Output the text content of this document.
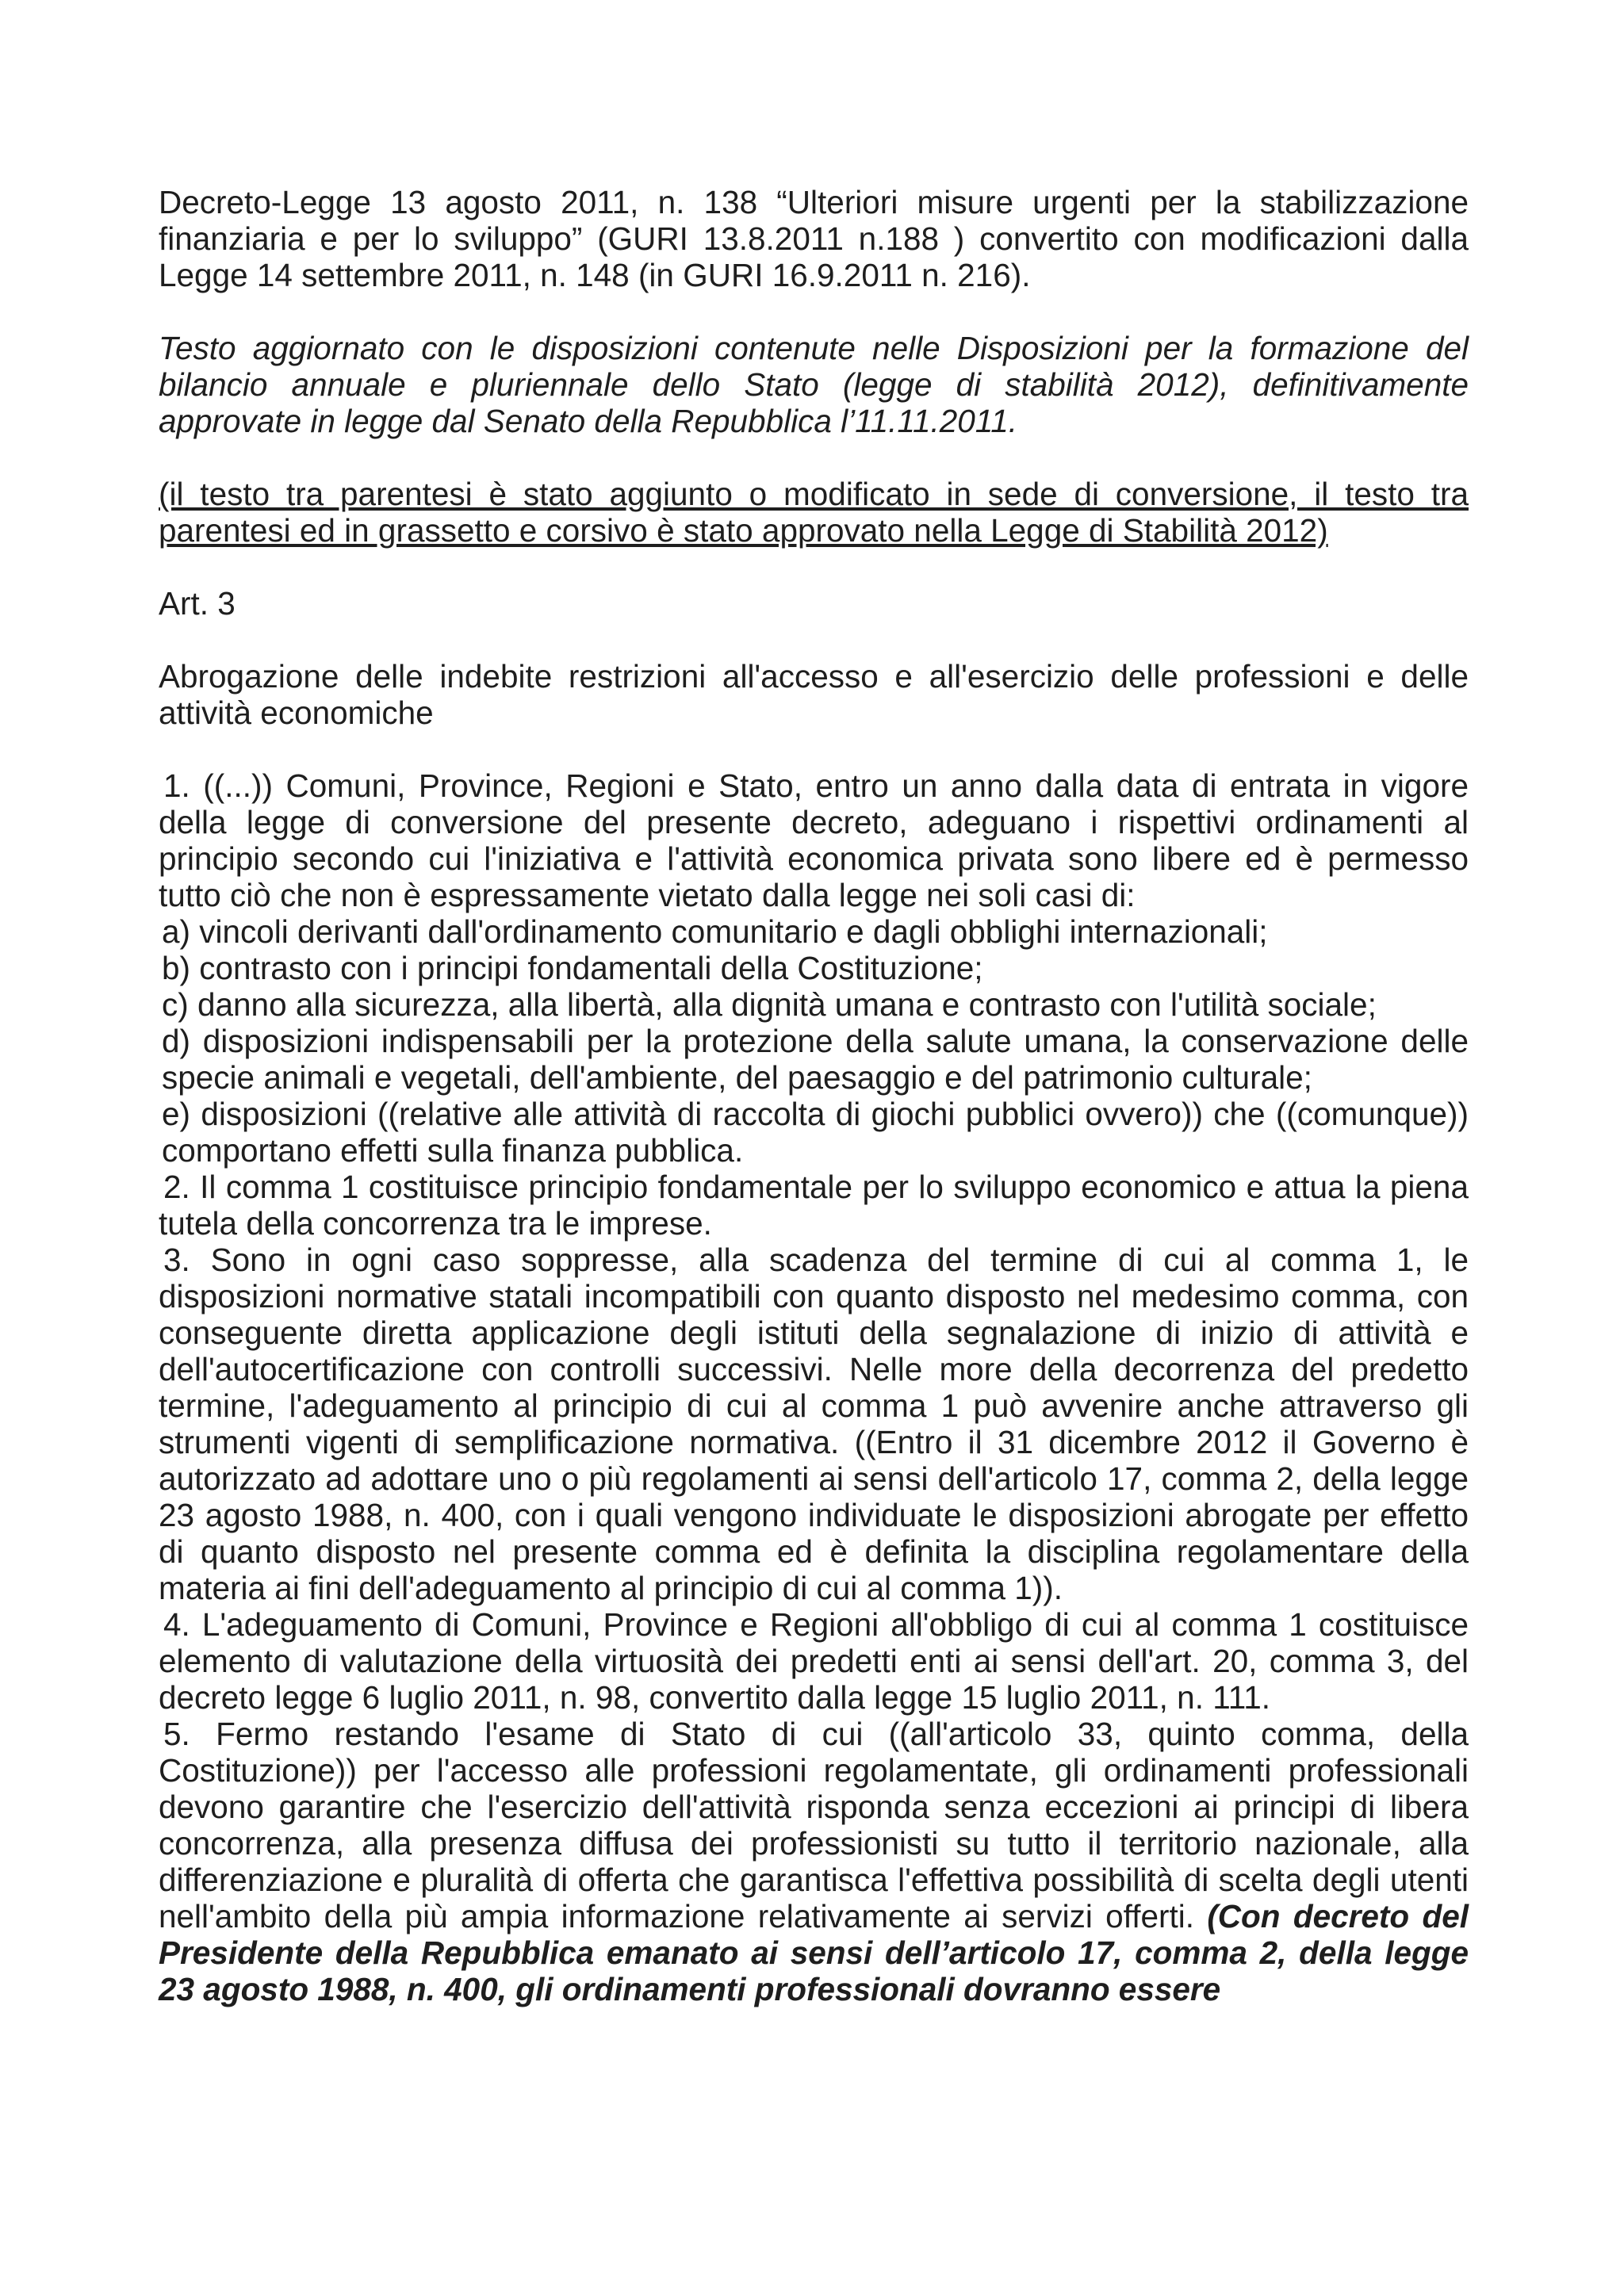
Decreto-Legge 13 agosto 2011, n. 138 “Ulteriori misure urgenti per la stabilizzazione finanziaria e per lo sviluppo” (GURI 13.8.2011 n.188 ) convertito con modificazioni dalla Legge 14 settembre 2011, n. 148 (in GURI 16.9.2011 n. 216).

Testo aggiornato con le disposizioni contenute nelle Disposizioni per la formazione del bilancio annuale e pluriennale dello Stato (legge di stabilità 2012), definitivamente approvate in legge dal Senato della Repubblica l’11.11.2011.

(il testo tra parentesi è stato aggiunto o modificato in sede di conversione, il testo tra parentesi ed in grassetto e corsivo è stato approvato nella Legge di Stabilità 2012)

Art. 3

Abrogazione delle indebite restrizioni all'accesso e all'esercizio delle professioni e delle attività economiche

1. ((...)) Comuni, Province, Regioni e Stato, entro un anno dalla data di entrata in vigore della legge di conversione del presente decreto, adeguano i rispettivi ordinamenti al principio secondo cui l'iniziativa e l'attività economica privata sono libere ed è permesso tutto ciò che non è espressamente vietato dalla legge nei soli casi di:

a) vincoli derivanti dall'ordinamento comunitario e dagli obblighi internazionali;

b) contrasto con i principi fondamentali della Costituzione;

c) danno alla sicurezza, alla libertà, alla dignità umana e contrasto con l'utilità sociale;

d) disposizioni indispensabili per la protezione della salute umana, la conservazione delle specie animali e vegetali, dell'ambiente, del paesaggio e del patrimonio culturale;

e) disposizioni ((relative alle attività di raccolta di giochi pubblici ovvero)) che ((comunque)) comportano effetti sulla finanza pubblica.

2. Il comma 1 costituisce principio fondamentale per lo sviluppo economico e attua la piena tutela della concorrenza tra le imprese.

3. Sono in ogni caso soppresse, alla scadenza del termine di cui al comma 1, le disposizioni normative statali incompatibili con quanto disposto nel medesimo comma, con conseguente diretta applicazione degli istituti della segnalazione di inizio di attività e dell'autocertificazione con controlli successivi. Nelle more della decorrenza del predetto termine, l'adeguamento al principio di cui al comma 1 può avvenire anche attraverso gli strumenti vigenti di semplificazione normativa. ((Entro il 31 dicembre 2012 il Governo è autorizzato ad adottare uno o più regolamenti ai sensi dell'articolo 17, comma 2, della legge 23 agosto 1988, n. 400, con i quali vengono individuate le disposizioni abrogate per effetto di quanto disposto nel presente comma ed è definita la disciplina regolamentare della materia ai fini dell'adeguamento al principio di cui al comma 1)).

4. L'adeguamento di Comuni, Province e Regioni all'obbligo di cui al comma 1 costituisce elemento di valutazione della virtuosità dei predetti enti ai sensi dell'art. 20, comma 3, del decreto legge 6 luglio 2011, n. 98, convertito dalla legge 15 luglio 2011, n. 111.

5. Fermo restando l'esame di Stato di cui ((all'articolo 33, quinto comma, della Costituzione)) per l'accesso alle professioni regolamentate, gli ordinamenti professionali devono garantire che l'esercizio dell'attività risponda senza eccezioni ai principi di libera concorrenza, alla presenza diffusa dei professionisti su tutto il territorio nazionale, alla differenziazione e pluralità di offerta che garantisca l'effettiva possibilità di scelta degli utenti nell'ambito della più ampia informazione relativamente ai servizi offerti. (Con decreto del Presidente della Repubblica emanato ai sensi dell’articolo 17, comma 2, della legge 23 agosto 1988, n. 400, gli ordinamenti professionali dovranno essere
